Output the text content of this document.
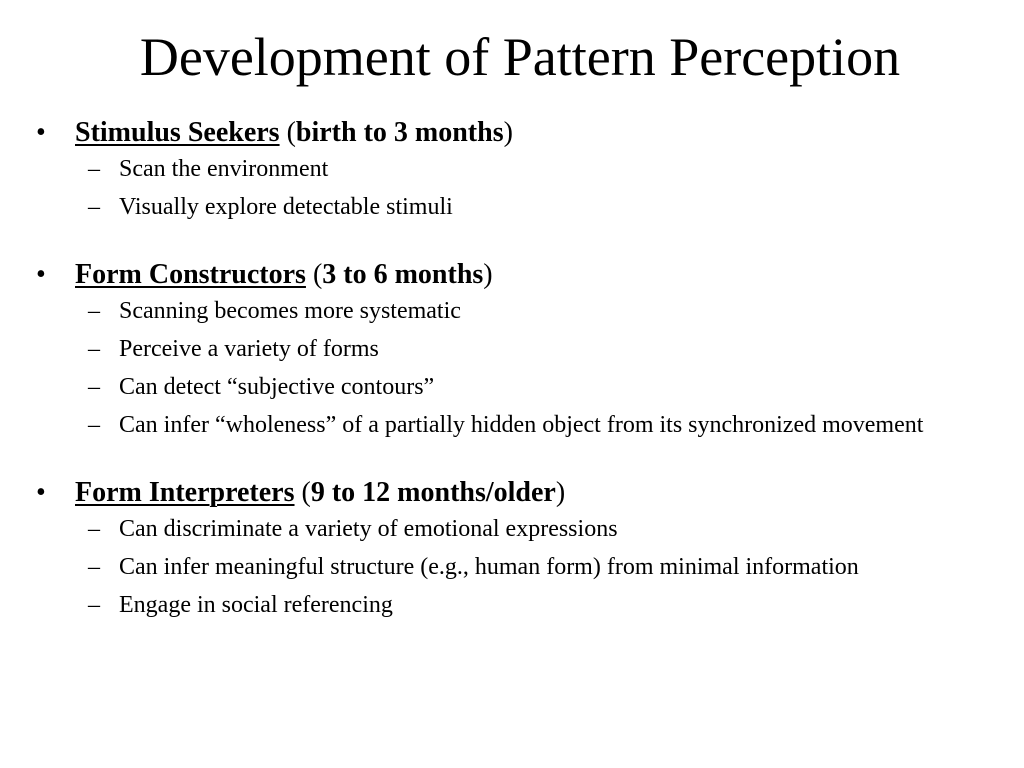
Development of Pattern Perception
• Stimulus Seekers (birth to 3 months)
– Scan the environment
– Visually explore detectable stimuli
• Form Constructors (3 to 6 months)
– Scanning becomes more systematic
– Perceive a variety of forms
– Can detect “subjective contours”
– Can infer “wholeness” of a partially hidden object from its synchronized movement
• Form Interpreters (9 to 12 months/older)
– Can discriminate a variety of emotional expressions
– Can infer meaningful structure (e.g., human form) from minimal information
– Engage in social referencing
